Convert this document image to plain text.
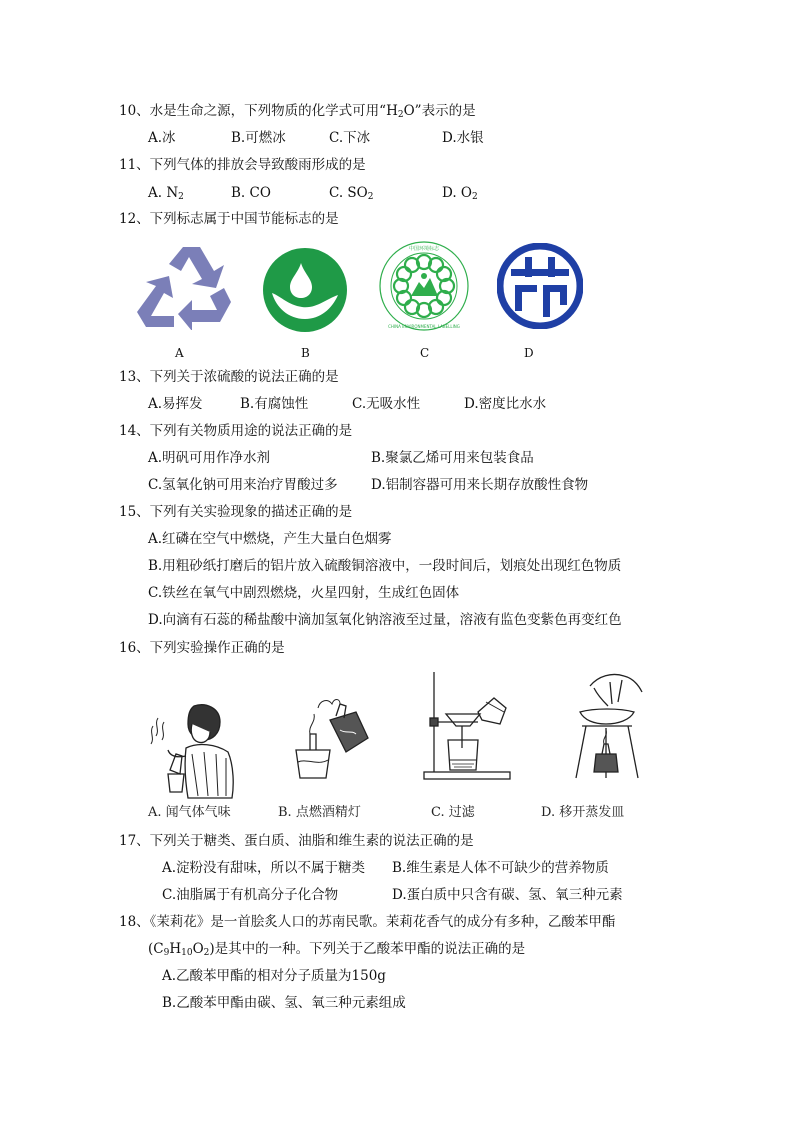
10、水是生命之源，下列物质的化学式可用“$H_2O$”表示的是
A.冰	B.可燃冰	C.下冰	D.水银
11、下列气体的排放会导致酸雨形成的是
A. $N_2$	B. CO	C. $SO_2$	D. $O_2$
12、下列标志属于中国节能标志的是
中国环境标志
CHINA ENVIRONMENTAL LABELLING
A	B	C	D
13、下列关于浓硫酸的说法正确的是
A.易挥发	B.有腐蚀性	C.无吸水性	D.密度比水水
14、下列有关物质用途的说法正确的是
A.明矾可用作净水剂	B.聚氯乙烯可用来包装食品
C.氢氧化钠可用来治疗胃酸过多 D.铝制容器可用来长期存放酸性食物
15、下列有关实验现象的描述正确的是
A.红磷在空气中燃烧，产生大量白色烟雾
B.用粗砂纸打磨后的铝片放入硫酸铜溶液中，一段时间后，划痕处出现红色物质
C.铁丝在氧气中剧烈燃烧，火星四射，生成红色固体
D.向滴有石蕊的稀盐酸中滴加氢氧化钠溶液至过量，溶液有监色变紫色再变红色
16、下列实验操作正确的是
A. 闻气体气味	B. 点燃酒精灯	C. 过滤	D. 移开蒸发皿
17、下列关于糖类、蛋白质、油脂和维生素的说法正确的是
A.淀粉没有甜味，所以不属于糖类 B.维生素是人体不可缺少的营养物质
C.油脂属于有机高分子化合物	D.蛋白质中只含有碳、氢、氧三种元素
18、《茉莉花》是一首脍炙人口的苏南民歌。茉莉花香气的成分有多种，乙酸苯甲酯
$(C_9H_{10}O_2)$是其中的一种。下列关于乙酸苯甲酯的说法正确的是
A.乙酸苯甲酯的相对分子质量为150g
B.乙酸苯甲酯由碳、氢、氧三种元素组成
